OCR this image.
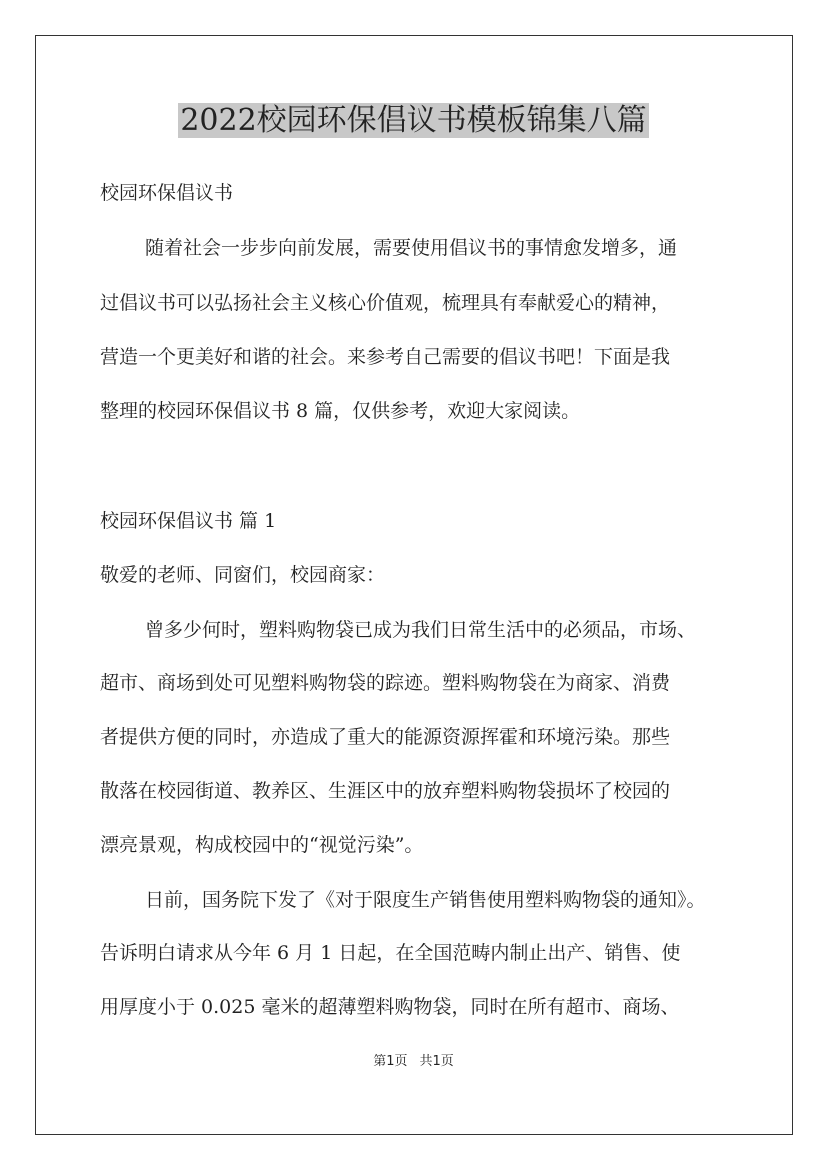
2022校园环保倡议书模板锦集八篇
校园环保倡议书
随着社会一步步向前发展，需要使用倡议书的事情愈发增多，通
过倡议书可以弘扬社会主义核心价值观，梳理具有奉献爱心的精神，
营造一个更美好和谐的社会。来参考自己需要的倡议书吧！下面是我
整理的校园环保倡议书 8 篇，仅供参考，欢迎大家阅读。
校园环保倡议书 篇 1
敬爱的老师、同窗们，校园商家：
曾多少何时，塑料购物袋已成为我们日常生活中的必须品，市场、
超市、商场到处可见塑料购物袋的踪迹。塑料购物袋在为商家、消费
者提供方便的同时，亦造成了重大的能源资源挥霍和环境污染。那些
散落在校园街道、教养区、生涯区中的放弃塑料购物袋损坏了校园的
漂亮景观，构成校园中的“视觉污染”。
日前，国务院下发了《对于限度生产销售使用塑料购物袋的通知》。
告诉明白请求从今年 6 月 1 日起，在全国范畴内制止出产、销售、使
用厚度小于 0.025 毫米的超薄塑料购物袋，同时在所有超市、商场、
第1页 共1页
